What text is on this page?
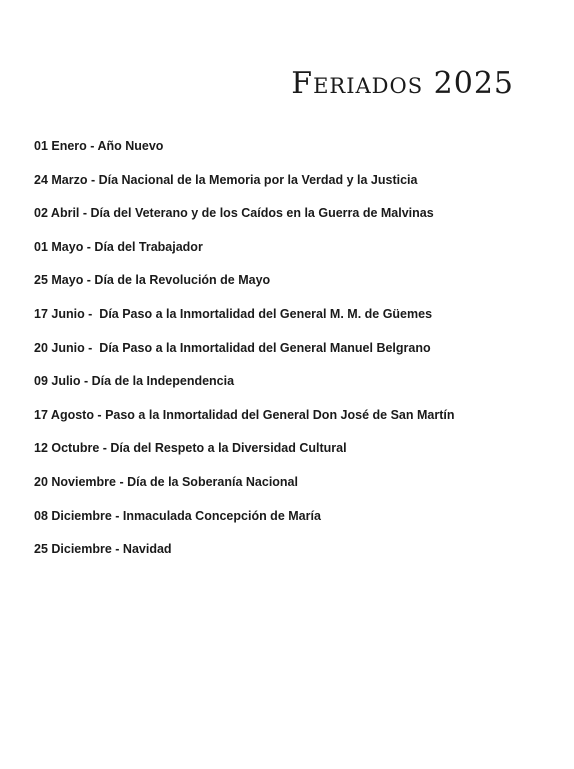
Feriados 2025
01 Enero - Año Nuevo
24 Marzo - Día Nacional de la Memoria por la Verdad y la Justicia
02 Abril - Día del Veterano y de los Caídos en la Guerra de Malvinas
01 Mayo - Día del Trabajador
25 Mayo - Día de la Revolución de Mayo
17 Junio -  Día Paso a la Inmortalidad del General M. M. de Güemes
20 Junio -  Día Paso a la Inmortalidad del General Manuel Belgrano
09 Julio - Día de la Independencia
17 Agosto - Paso a la Inmortalidad del General Don José de San Martín
12 Octubre - Día del Respeto a la Diversidad Cultural
20 Noviembre - Día de la Soberanía Nacional
08 Diciembre - Inmaculada Concepción de María
25 Diciembre - Navidad
